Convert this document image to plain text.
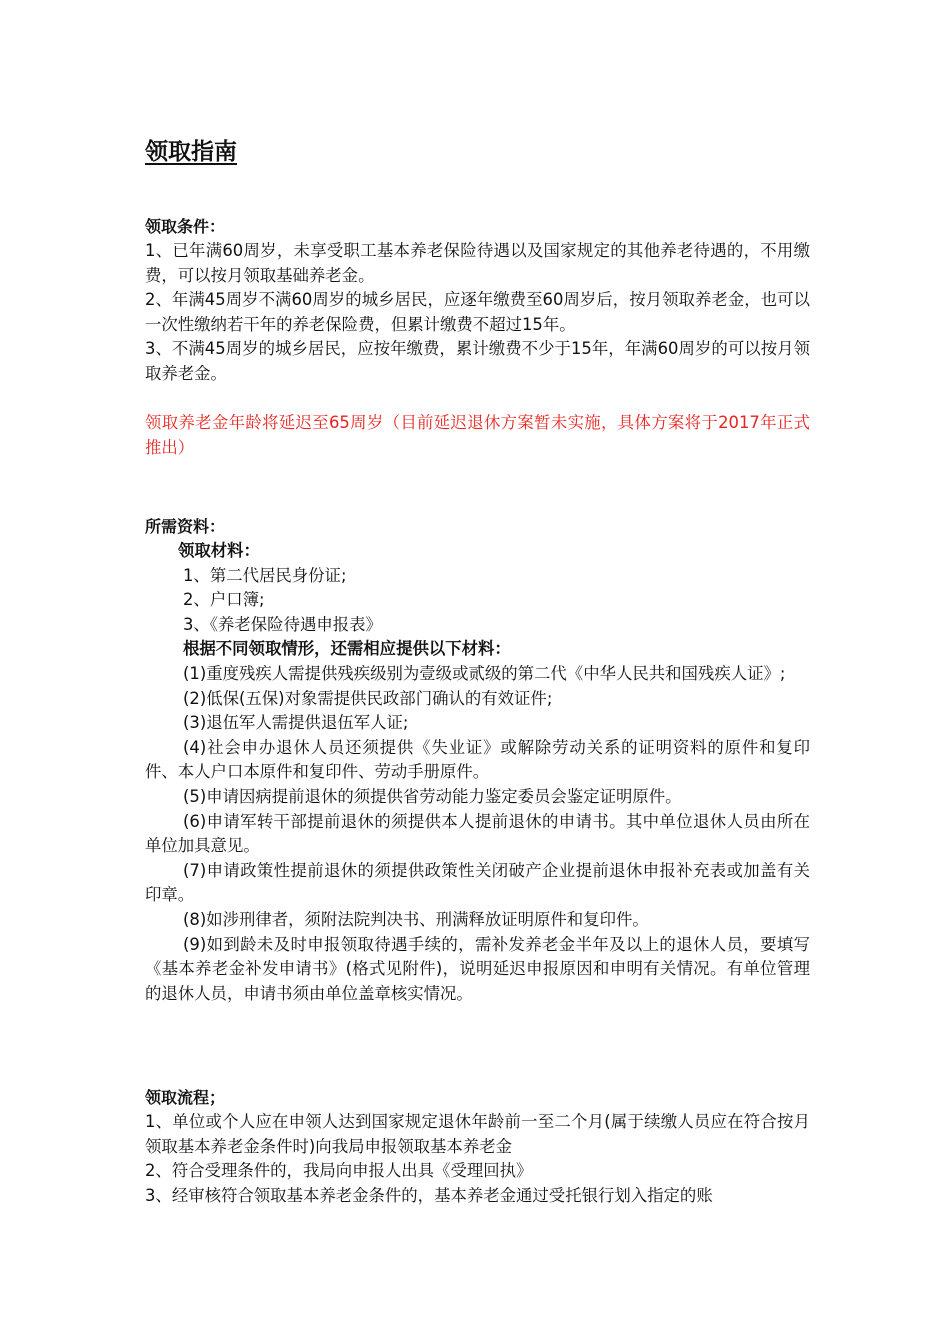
领取指南
领取条件：

1、已年满60周岁，未享受职工基本养老保险待遇以及国家规定的其他养老待遇的，不用缴费，可以按月领取基础养老金。

2、年满45周岁不满60周岁的城乡居民，应逐年缴费至60周岁后，按月领取养老金，也可以一次性缴纳若干年的养老保险费，但累计缴费不超过15年。

3、不满45周岁的城乡居民，应按年缴费，累计缴费不少于15年，年满60周岁的可以按月领取养老金。

领取养老金年龄将延迟至65周岁（目前延迟退休方案暂未实施，具体方案将于2017年正式推出）

所需资料：

领取材料：

1、第二代居民身份证;

2、户口簿;

3、《养老保险待遇申报表》

根据不同领取情形，还需相应提供以下材料：

(1)重度残疾人需提供残疾级别为壹级或贰级的第二代《中华人民共和国残疾人证》;

(2)低保(五保)对象需提供民政部门确认的有效证件;

(3)退伍军人需提供退伍军人证;

(4)社会申办退休人员还须提供《失业证》或解除劳动关系的证明资料的原件和复印件、本人户口本原件和复印件、劳动手册原件。

(5)申请因病提前退休的须提供省劳动能力鉴定委员会鉴定证明原件。

(6)申请军转干部提前退休的须提供本人提前退休的申请书。其中单位退休人员由所在单位加具意见。

(7)申请政策性提前退休的须提供政策性关闭破产企业提前退休申报补充表或加盖有关印章。

(8)如涉刑律者，须附法院判决书、刑满释放证明原件和复印件。

(9)如到龄未及时申报领取待遇手续的，需补发养老金半年及以上的退休人员，要填写《基本养老金补发申请书》(格式见附件)，说明延迟申报原因和申明有关情况。有单位管理的退休人员，申请书须由单位盖章核实情况。

领取流程；

1、单位或个人应在申领人达到国家规定退休年龄前一至二个月(属于续缴人员应在符合按月领取基本养老金条件时)向我局申报领取基本养老金

2、符合受理条件的，我局向申报人出具《受理回执》

3、经审核符合领取基本养老金条件的，基本养老金通过受托银行划入指定的账
